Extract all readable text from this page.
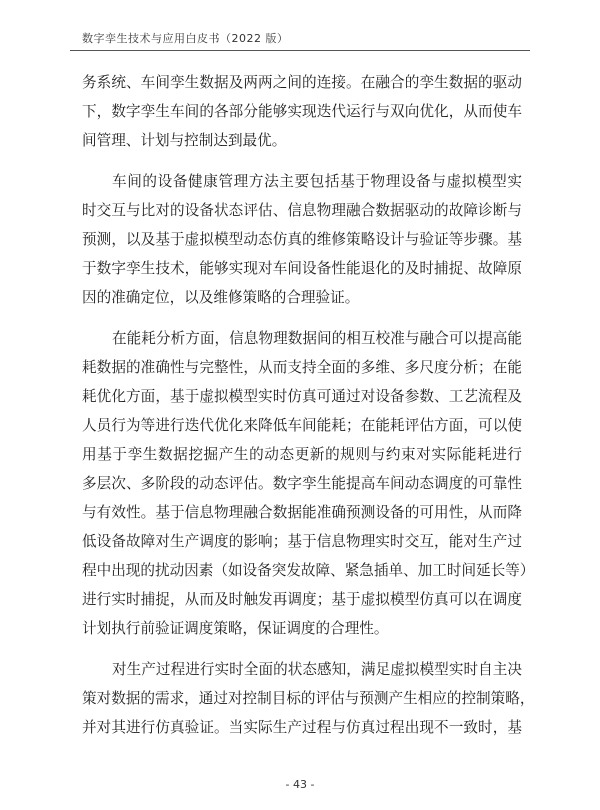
数字孪生技术与应用白皮书（2022 版）
务系统、车间孪生数据及两两之间的连接。在融合的孪生数据的驱动
下，数字孪生车间的各部分能够实现迭代运行与双向优化，从而使车
间管理、计划与控制达到最优。
车间的设备健康管理方法主要包括基于物理设备与虚拟模型实
时交互与比对的设备状态评估、信息物理融合数据驱动的故障诊断与
预测，以及基于虚拟模型动态仿真的维修策略设计与验证等步骤。基
于数字孪生技术，能够实现对车间设备性能退化的及时捕捉、故障原
因的准确定位，以及维修策略的合理验证。
在能耗分析方面，信息物理数据间的相互校准与融合可以提高能
耗数据的准确性与完整性，从而支持全面的多维、多尺度分析；在能
耗优化方面，基于虚拟模型实时仿真可通过对设备参数、工艺流程及
人员行为等进行迭代优化来降低车间能耗；在能耗评估方面，可以使
用基于孪生数据挖掘产生的动态更新的规则与约束对实际能耗进行
多层次、多阶段的动态评估。数字孪生能提高车间动态调度的可靠性
与有效性。基于信息物理融合数据能准确预测设备的可用性，从而降
低设备故障对生产调度的影响；基于信息物理实时交互，能对生产过
程中出现的扰动因素（如设备突发故障、紧急插单、加工时间延长等）
进行实时捕捉，从而及时触发再调度；基于虚拟模型仿真可以在调度
计划执行前验证调度策略，保证调度的合理性。
对生产过程进行实时全面的状态感知，满足虚拟模型实时自主决
策对数据的需求，通过对控制目标的评估与预测产生相应的控制策略，
并对其进行仿真验证。当实际生产过程与仿真过程出现不一致时，基
- 43 -
